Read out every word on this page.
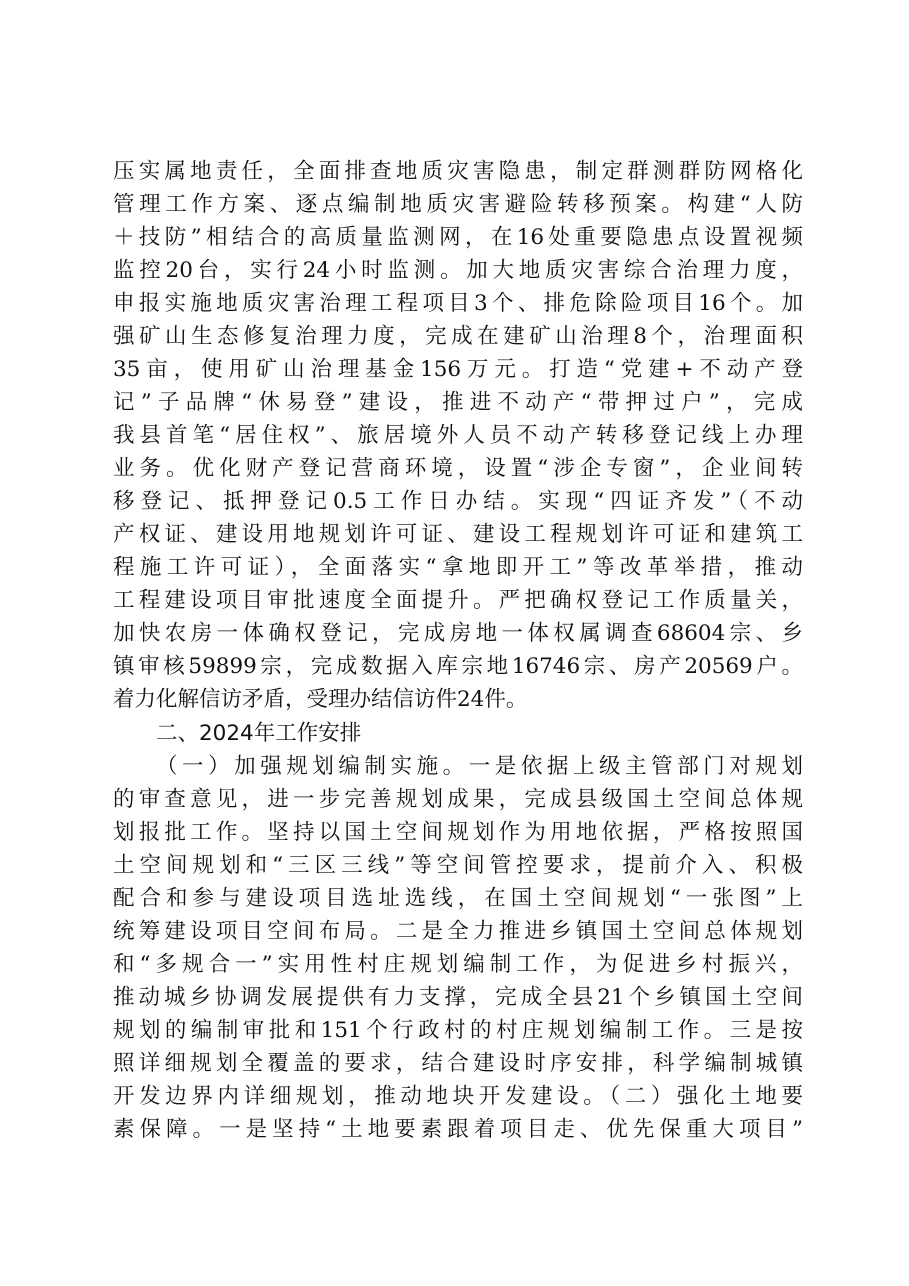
压实属地责任，全面排查地质灾害隐患，制定群测群防网格化
管理工作方案、逐点编制地质灾害避险转移预案。构建“人防
＋技防”相结合的高质量监测网，在16处重要隐患点设置视频
监控20台，实行24小时监测。加大地质灾害综合治理力度，
申报实施地质灾害治理工程项目3个、排危除险项目16个。加
强矿山生态修复治理力度，完成在建矿山治理8个，治理面积
35亩，使用矿山治理基金156万元。打造“党建+不动产登
记”子品牌“休易登”建设，推进不动产“带押过户”，完成
我县首笔“居住权”、旅居境外人员不动产转移登记线上办理
业务。优化财产登记营商环境，设置“涉企专窗”，企业间转
移登记、抵押登记0.5工作日办结。实现“四证齐发”（不动
产权证、建设用地规划许可证、建设工程规划许可证和建筑工
程施工许可证），全面落实“拿地即开工”等改革举措，推动
工程建设项目审批速度全面提升。严把确权登记工作质量关，
加快农房一体确权登记，完成房地一体权属调查68604宗、乡
镇审核59899宗，完成数据入库宗地16746宗、房产20569户。
着力化解信访矛盾，受理办结信访件24件。
二、2024年工作安排
（一）加强规划编制实施。一是依据上级主管部门对规划
的审查意见，进一步完善规划成果，完成县级国土空间总体规
划报批工作。坚持以国土空间规划作为用地依据，严格按照国
土空间规划和“三区三线”等空间管控要求，提前介入、积极
配合和参与建设项目选址选线，在国土空间规划“一张图”上
统筹建设项目空间布局。二是全力推进乡镇国土空间总体规划
和“多规合一”实用性村庄规划编制工作，为促进乡村振兴，
推动城乡协调发展提供有力支撑，完成全县21个乡镇国土空间
规划的编制审批和151个行政村的村庄规划编制工作。三是按
照详细规划全覆盖的要求，结合建设时序安排，科学编制城镇
开发边界内详细规划，推动地块开发建设。（二）强化土地要
素保障。一是坚持“土地要素跟着项目走、优先保重大项目”
